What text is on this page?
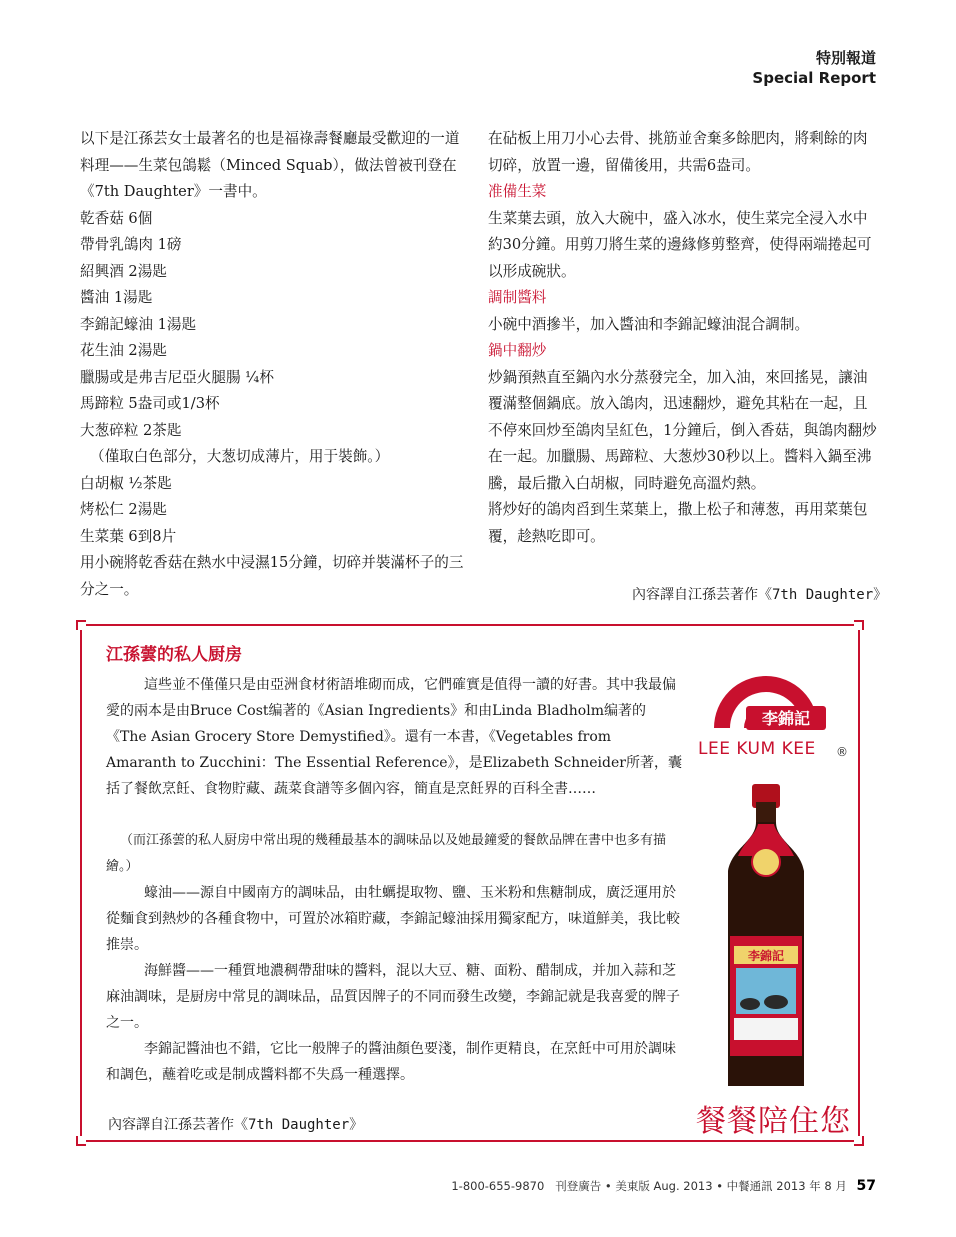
特別報道
Special Report

以下是江孫芸女士最著名的也是福祿壽餐廳最受歡迎的一道料理——生菜包鴿鬆（Minced Squab），做法曾被刊登在《7th Daughter》一書中。

乾香菇 6個

帶骨乳鴿肉 1磅

紹興酒 2湯匙

醬油 1湯匙

李錦記蠔油 1湯匙

花生油 2湯匙

臘腸或是弗吉尼亞火腿腸 ¼杯

馬蹄粒 5盎司或1/3杯

大葱碎粒 2茶匙

（僅取白色部分，大葱切成薄片，用于裝飾。）

白胡椒 ½茶匙

烤松仁 2湯匙

生菜葉 6到8片

用小碗將乾香菇在熱水中浸濕15分鐘，切碎并裝滿杯子的三分之一。

在砧板上用刀小心去骨、挑筋並舍棄多餘肥肉，將剩餘的肉切碎，放置一邊，留備後用，共需6盎司。

准備生菜

生菜葉去頭，放入大碗中，盛入冰水，使生菜完全浸入水中約30分鐘。用剪刀將生菜的邊緣修剪整齊，使得兩端捲起可以形成碗狀。

調制醬料

小碗中酒摻半，加入醬油和李錦記蠔油混合調制。

鍋中翻炒

炒鍋預熱直至鍋內水分蒸發完全，加入油，來回搖晃，讓油覆滿整個鍋底。放入鴿肉，迅速翻炒，避免其粘在一起，且不停來回炒至鴿肉呈紅色，1分鐘后，倒入香菇，與鴿肉翻炒在一起。加臘腸、馬蹄粒、大葱炒30秒以上。醬料入鍋至沸騰，最后撒入白胡椒，同時避免高溫灼熱。

將炒好的鴿肉舀到生菜葉上，撒上松子和薄葱，再用菜葉包覆，趁熱吃即可。

內容譯自江孫芸著作《7th Daughter》
江孫蕓的私人厨房

這些並不僅僅只是由亞洲食材術語堆砌而成，它們確實是值得一讀的好書。其中我最偏愛的兩本是由Bruce Cost编著的《Asian Ingredients》和由Linda Bladholm编著的《The Asian Grocery Store Demystified》。還有一本書，《Vegetables from Amaranth to Zucchini：The Essential Reference》，是Elizabeth Schneider所著，囊括了餐飲烹飪、食物貯藏、蔬菜食譜等多個內容，簡直是烹飪界的百科全書……

（而江孫蕓的私人厨房中常出現的幾種最基本的調味品以及她最鐘愛的餐飲品牌在書中也多有描繪。）

蠔油——源自中國南方的調味品，由牡蠣提取物、鹽、玉米粉和焦糖制成，廣泛運用於從麵食到熱炒的各種食物中，可置於冰箱貯藏，李錦記蠔油採用獨家配方，味道鮮美，我比較推崇。

海鮮醬——一種質地濃稠帶甜味的醬料，混以大豆、糖、面粉、醋制成，并加入蒜和芝麻油調味，是厨房中常見的調味品，品質因牌子的不同而發生改變，李錦記就是我喜愛的牌子之一。

李錦記醬油也不錯，它比一般牌子的醬油顏色要淺，制作更精良，在烹飪中可用於調味和調色，蘸着吃或是制成醬料都不失爲一種選擇。

內容譯自江孫芸著作《7th Daughter》
李錦記
LEE KUM KEE ®
李錦記
餐餐陪住您
1-800-655-9870 刊登廣告 • 美東版 Aug. 2013 • 中餐通訊 2013 年 8 月 57
